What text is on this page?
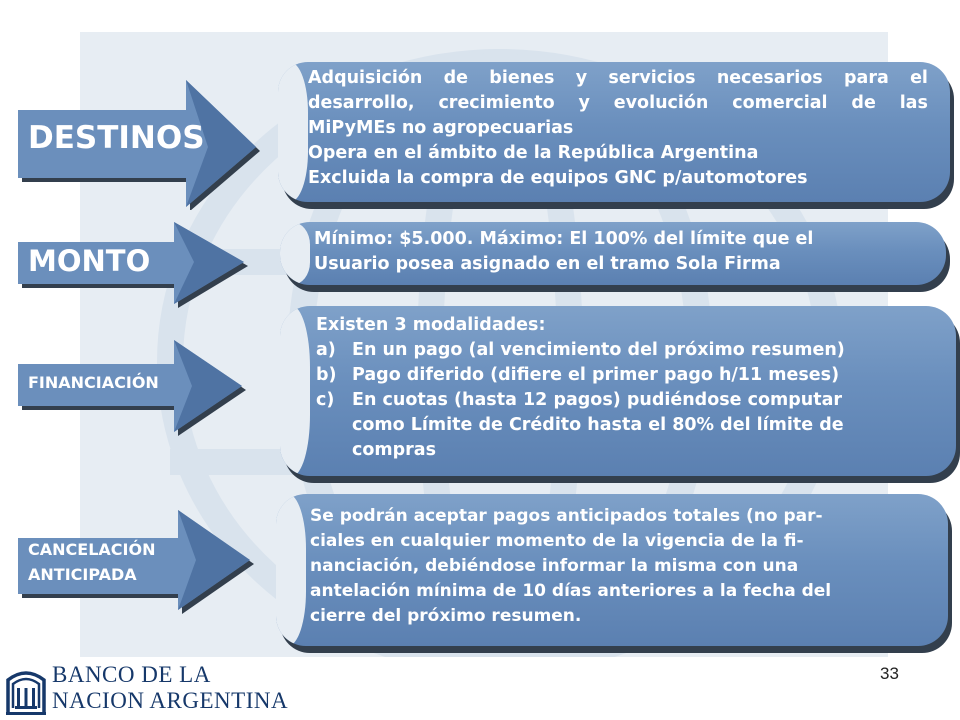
DESTINOS
MONTO
FINANCIACIÓN
CANCELACIÓN
ANTICIPADA
Adquisición de bienes y servicios necesarios para el
desarrollo, crecimiento y evolución comercial de las
MiPyMEs no agropecuarias
Opera en el ámbito de la República Argentina
Excluida la compra de equipos GNC p/automotores
Mínimo: $5.000. Máximo: El 100% del límite que el
Usuario posea asignado en el tramo Sola Firma
Existen 3 modalidades:
a) En un pago (al vencimiento del próximo resumen)
b) Pago diferido (difiere el primer pago h/11 meses)
c) En cuotas (hasta 12 pagos) pudiéndose computar
como Límite de Crédito hasta el 80% del límite de
compras
Se podrán aceptar pagos anticipados totales (no par-
ciales en cualquier momento de la vigencia de la fi-
nanciación, debiéndose informar la misma con una
antelación mínima de 10 días anteriores a la fecha del
cierre del próximo resumen.
33
BANCO DE LA
NACION ARGENTINA
